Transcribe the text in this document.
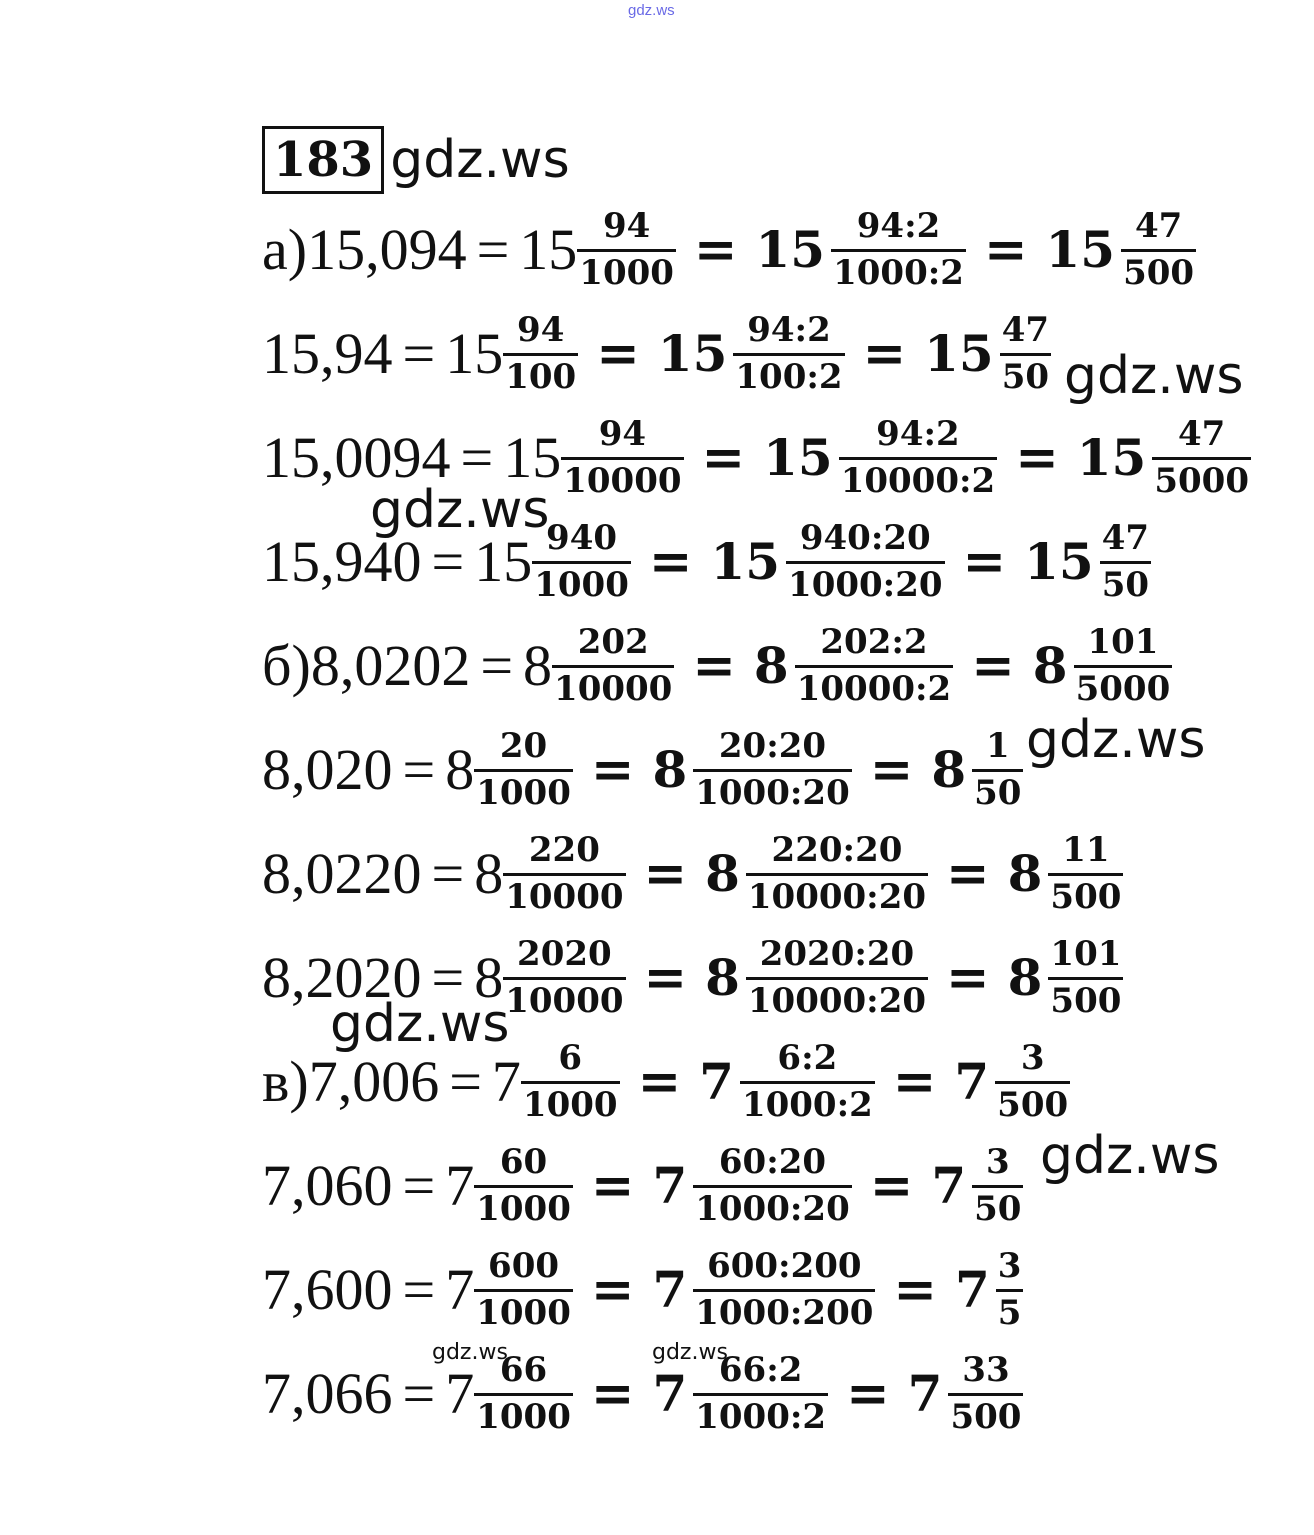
gdz.ws
183 gdz.ws
а) $15,094 = 15 \frac{94}{1000} = 15 \frac{94:2}{1000:2} = 15 \frac{47}{500}$
$15,94 = 15 \frac{94}{100} = 15 \frac{94:2}{100:2} = 15 \frac{47}{50}$
$15,0094 = 15 \frac{94}{10000} = 15 \frac{94:2}{10000:2} = 15 \frac{47}{5000}$
$15,940 = 15 \frac{940}{1000} = 15 \frac{940:20}{1000:20} = 15 \frac{47}{50}$
б) $8,0202 = 8 \frac{202}{10000} = 8 \frac{202:2}{10000:2} = 8 \frac{101}{5000}$
$8,020 = 8 \frac{20}{1000} = 8 \frac{20:20}{1000:20} = 8 \frac{1}{50}$
$8,0220 = 8 \frac{220}{10000} = 8 \frac{220:20}{10000:20} = 8 \frac{11}{500}$
$8,2020 = 8 \frac{2020}{10000} = 8 \frac{2020:20}{10000:20} = 8 \frac{101}{500}$
в) $7,006 = 7 \frac{6}{1000} = 7 \frac{6:2}{1000:2} = 7 \frac{3}{500}$
$7,060 = 7 \frac{60}{1000} = 7 \frac{60:20}{1000:20} = 7 \frac{3}{50}$
$7,600 = 7 \frac{600}{1000} = 7 \frac{600:200}{1000:200} = 7 \frac{3}{5}$
$7,066 = 7 \frac{66}{1000} = 7 \frac{66:2}{1000:2} = 7 \frac{33}{500}$
gdz.ws
gdz.ws
gdz.ws
gdz.ws
gdz.ws
gdz.ws	gdz.ws
